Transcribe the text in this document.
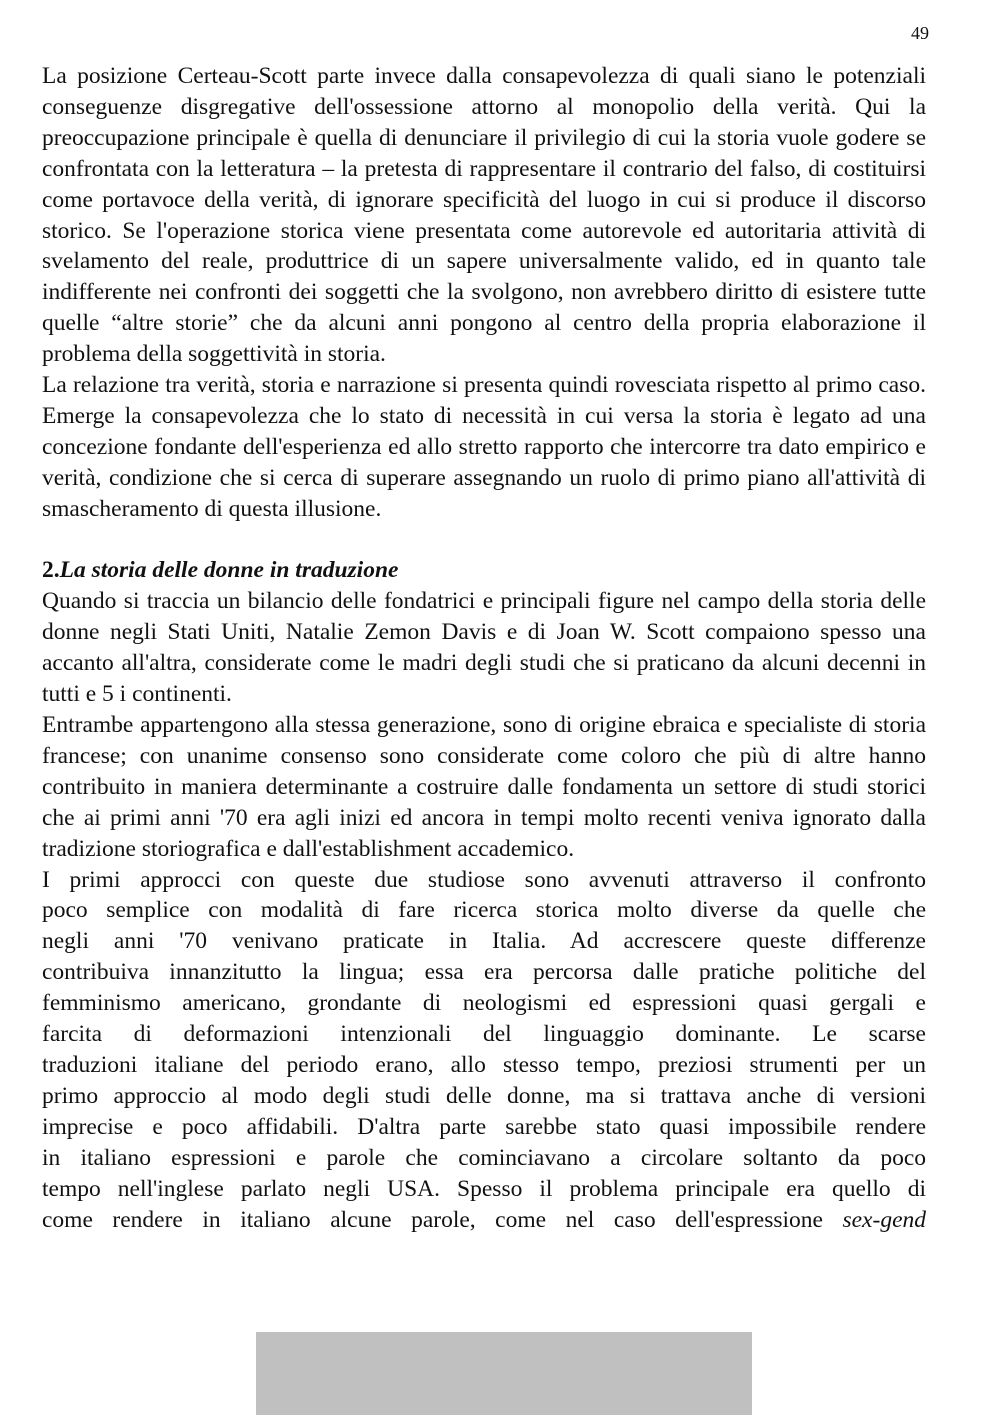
49

La posizione Certeau-Scott parte invece dalla consapevolezza di quali siano le potenziali conseguenze disgregative dell'ossessione attorno al monopolio della verità. Qui la preoccupazione principale è quella di denunciare il privilegio di cui la storia vuole godere se confrontata con la letteratura – la pretesta di rappresentare il contrario del falso, di costituirsi come portavoce della verità, di ignorare specificità del luogo in cui si produce il discorso storico. Se l'operazione storica viene presentata come autorevole ed autoritaria attività di svelamento del reale, produttrice di un sapere universalmente valido, ed in quanto tale indifferente nei confronti dei soggetti che la svolgono, non avrebbero diritto di esistere tutte quelle “altre storie” che da alcuni anni pongono al centro della propria elaborazione il problema della soggettività in storia.

La relazione tra verità, storia e narrazione si presenta quindi rovesciata rispetto al primo caso. Emerge la consapevolezza che lo stato di necessità in cui versa la storia è legato ad una concezione fondante dell'esperienza ed allo stretto rapporto che intercorre tra dato empirico e verità, condizione che si cerca di superare assegnando un ruolo di primo piano all'attività di smascheramento di questa illusione.

2.La storia delle donne in traduzione

Quando si traccia un bilancio delle fondatrici e principali figure nel campo della storia delle donne negli Stati Uniti, Natalie Zemon Davis e di Joan W. Scott compaiono spesso una accanto all'altra, considerate come le madri degli studi che si praticano da alcuni decenni in tutti e 5 i continenti.

Entrambe appartengono alla stessa generazione, sono di origine ebraica e specialiste di storia francese; con unanime consenso sono considerate come coloro che più di altre hanno contribuito in maniera determinante a costruire dalle fondamenta un settore di studi storici che ai primi anni '70 era agli inizi ed ancora in tempi molto recenti veniva ignorato dalla tradizione storiografica e dall'establishment accademico.

I primi approcci con queste due studiose sono avvenuti attraverso il confronto
poco semplice con modalità di fare ricerca storica molto diverse da quelle che
negli anni '70 venivano praticate in Italia. Ad accrescere queste differenze
contribuiva innanzitutto la lingua; essa era percorsa dalle pratiche politiche del
femminismo americano, grondante di neologismi ed espressioni quasi gergali e
farcita di deformazioni intenzionali del linguaggio dominante. Le scarse
traduzioni italiane del periodo erano, allo stesso tempo, preziosi strumenti per un
primo approccio al modo degli studi delle donne, ma si trattava anche di versioni
imprecise e poco affidabili. D'altra parte sarebbe stato quasi impossibile rendere
in italiano espressioni e parole che cominciavano a circolare soltanto da poco
tempo nell'inglese parlato negli USA. Spesso il problema principale era quello di
come rendere in italiano alcune parole, come nel caso dell'espressione sex-gend
